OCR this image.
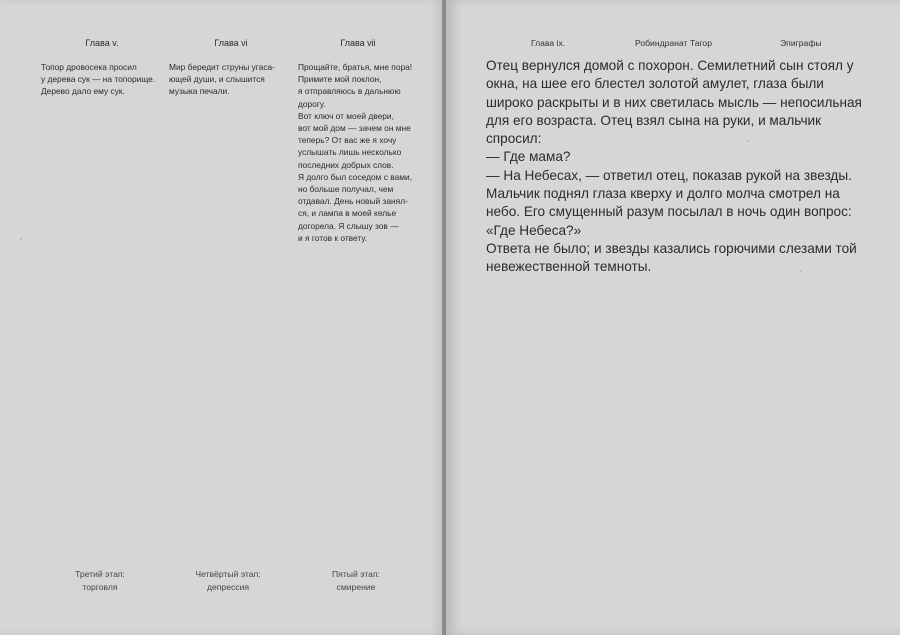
Глава v.	Глава vi	Глава vii
Топор дровосека просил
у дерева сук — на топорище.
Дерево дало ему сук.
Мир бередит струны угаса-
ющей души, и слышится
музыка печали.
Прощайте, братья, мне пора!
Примите мой поклон,
я отправляюсь в дальнюю
дорогу.
Вот ключ от моей двери,
вот мой дом — зачем он мне
теперь? От вас же я хочу
услышать лишь несколько
последних добрых слов.
Я долго был соседом с вами,
но больше получал, чем
отдавал. День новый занял-
ся, и лампа в моей келье
догорела. Я слышу зов —
и я готов к ответу.
Третий этап:
торговля
Четвёртый этап:
депрессия
Пятый этап:
смирение
Глава ix.	Робиндранат Тагор	Эпиграфы

Отец вернулся домой с похорон. Семилетний сын стоял у окна, на шее его блестел золотой амулет, глаза были широко раскрыты и в них светилась мысль — непосильная для его возраста. Отец взял сына на руки, и мальчик спросил:

— Где мама?

— На Небесах, — ответил отец, показав рукой на звезды.

Мальчик поднял глаза кверху и долго молча смотрел на небо. Его смущенный разум посылал в ночь один вопрос: «Где Небеса?»

Ответа не было; и звезды казались горючими слезами той невежественной темноты.
